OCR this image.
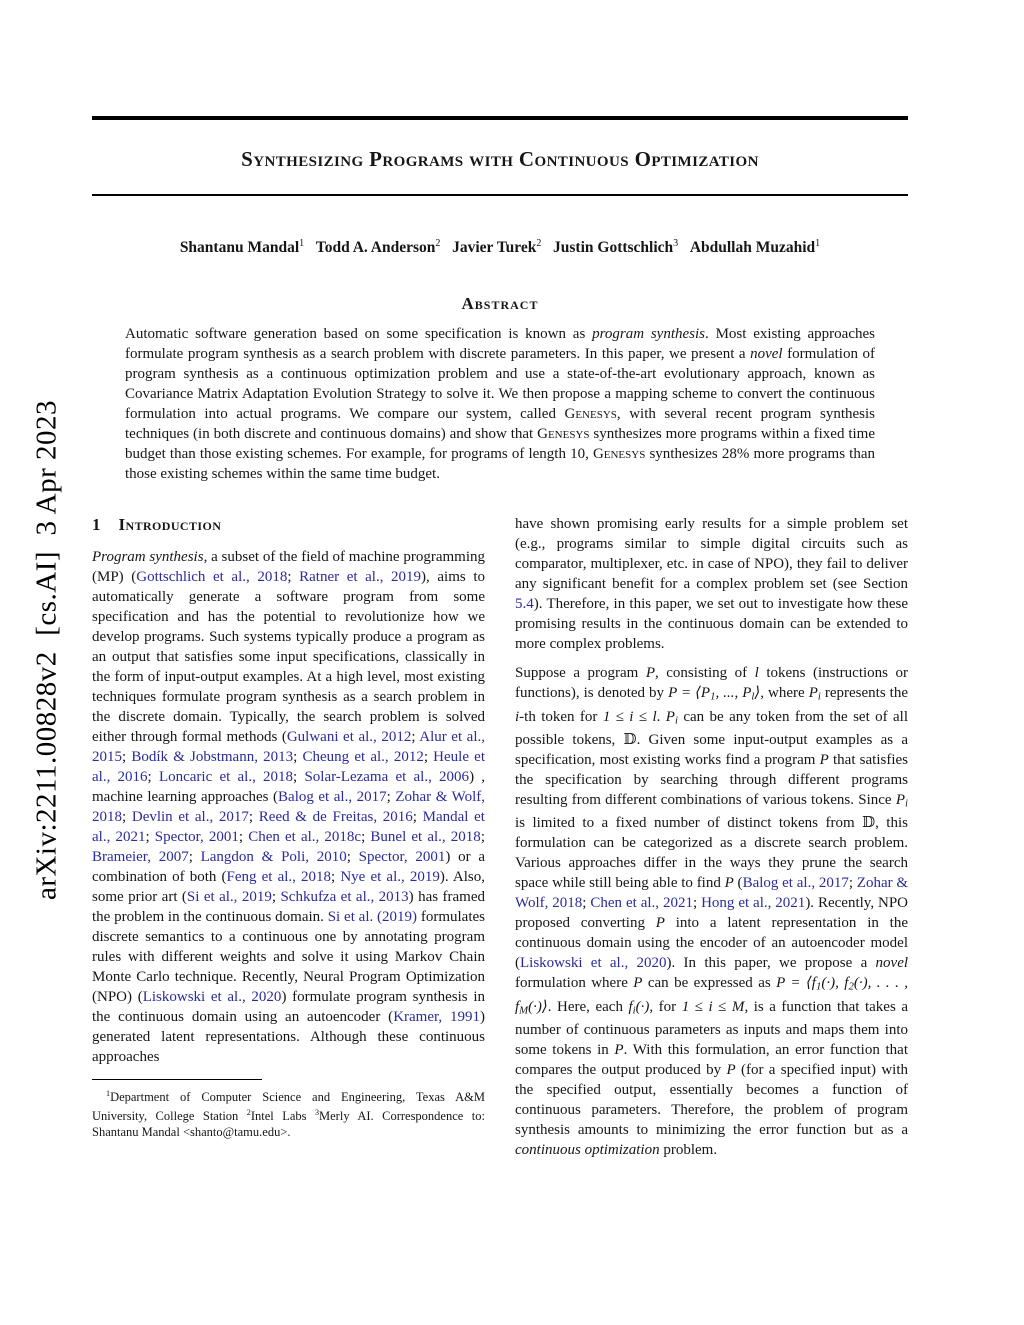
arXiv:2211.00828v2  [cs.AI]  3 Apr 2023
Synthesizing Programs with Continuous Optimization
Shantanu Mandal$^1$ Todd A. Anderson$^2$ Javier Turek$^2$ Justin Gottschlich$^3$ Abdullah Muzahid$^1$
Abstract

Automatic software generation based on some specification is known as program synthesis. Most existing approaches formulate program synthesis as a search problem with discrete parameters. In this paper, we present a novel formulation of program synthesis as a continuous optimization problem and use a state-of-the-art evolutionary approach, known as Covariance Matrix Adaptation Evolution Strategy to solve it. We then propose a mapping scheme to convert the continuous formulation into actual programs. We compare our system, called Genesys, with several recent program synthesis techniques (in both discrete and continuous domains) and show that Genesys synthesizes more programs within a fixed time budget than those existing schemes. For example, for programs of length 10, Genesys synthesizes 28% more programs than those existing schemes within the same time budget.

1 Introduction

Program synthesis, a subset of the field of machine programming (MP) (Gottschlich et al., 2018; Ratner et al., 2019), aims to automatically generate a software program from some specification and has the potential to revolutionize how we develop programs. Such systems typically produce a program as an output that satisfies some input specifications, classically in the form of input-output examples. At a high level, most existing techniques formulate program synthesis as a search problem in the discrete domain. Typically, the search problem is solved either through formal methods (Gulwani et al., 2012; Alur et al., 2015; Bodík & Jobstmann, 2013; Cheung et al., 2012; Heule et al., 2016; Loncaric et al., 2018; Solar-Lezama et al., 2006) , machine learning approaches (Balog et al., 2017; Zohar & Wolf, 2018; Devlin et al., 2017; Reed & de Freitas, 2016; Mandal et al., 2021; Spector, 2001; Chen et al., 2018c; Bunel et al., 2018; Brameier, 2007; Langdon & Poli, 2010; Spector, 2001) or a combination of both (Feng et al., 2018; Nye et al., 2019). Also, some prior art (Si et al., 2019; Schkufza et al., 2013) has framed the problem in the continuous domain. Si et al. (2019) formulates discrete semantics to a continuous one by annotating program rules with different weights and solve it using Markov Chain Monte Carlo technique. Recently, Neural Program Optimization (NPO) (Liskowski et al., 2020) formulate program synthesis in the continuous domain using an autoencoder (Kramer, 1991) generated latent representations. Although these continuous approaches

$^1$Department of Computer Science and Engineering, Texas A&M University, College Station $^2$Intel Labs $^3$Merly AI. Correspondence to: Shantanu Mandal <shanto@tamu.edu>.

have shown promising early results for a simple problem set (e.g., programs similar to simple digital circuits such as comparator, multiplexer, etc. in case of NPO), they fail to deliver any significant benefit for a complex problem set (see Section 5.4). Therefore, in this paper, we set out to investigate how these promising results in the continuous domain can be extended to more complex problems.

Suppose a program P, consisting of l tokens (instructions or functions), is denoted by P = ⟨P1, ..., Pl⟩, where Pi represents the i-th token for 1 ≤ i ≤ l. Pi can be any token from the set of all possible tokens, 𝔻. Given some input-output examples as a specification, most existing works find a program P that satisfies the specification by searching through different programs resulting from different combinations of various tokens. Since Pi is limited to a fixed number of distinct tokens from 𝔻, this formulation can be categorized as a discrete search problem. Various approaches differ in the ways they prune the search space while still being able to find P (Balog et al., 2017; Zohar & Wolf, 2018; Chen et al., 2021; Hong et al., 2021). Recently, NPO proposed converting P into a latent representation in the continuous domain using the encoder of an autoencoder model (Liskowski et al., 2020). In this paper, we propose a novel formulation where P can be expressed as P = ⟨f1(·), f2(·), . . . , fM(·)⟩. Here, each fi(·), for 1 ≤ i ≤ M, is a function that takes a number of continuous parameters as inputs and maps them into some tokens in P. With this formulation, an error function that compares the output produced by P (for a specified input) with the specified output, essentially becomes a function of continuous parameters. Therefore, the problem of program synthesis amounts to minimizing the error function but as a continuous optimization problem.
